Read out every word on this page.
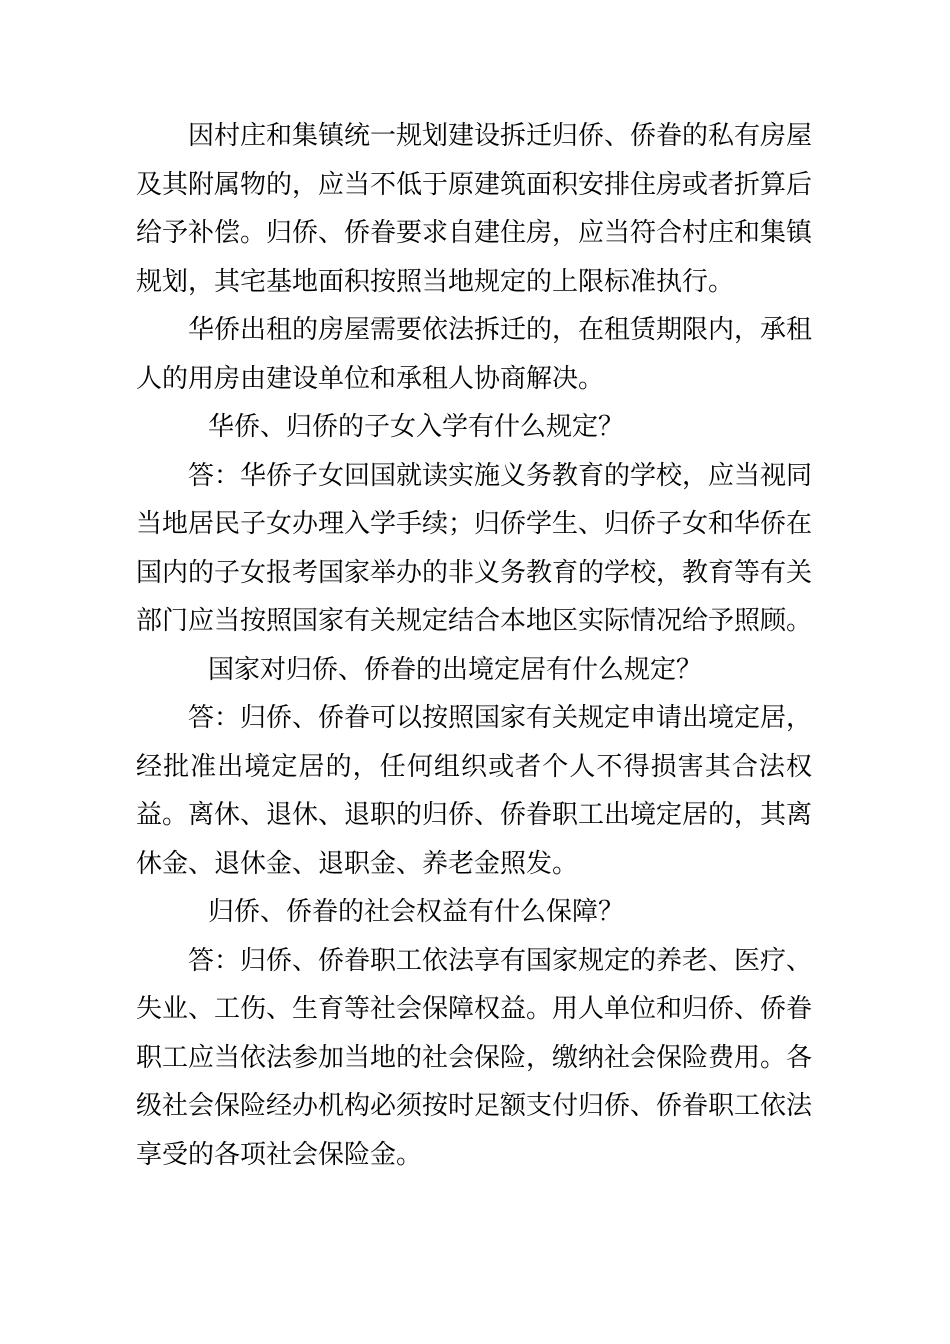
因村庄和集镇统一规划建设拆迁归侨、侨眷的私有房屋及其附属物的，应当不低于原建筑面积安排住房或者折算后给予补偿。归侨、侨眷要求自建住房，应当符合村庄和集镇规划，其宅基地面积按照当地规定的上限标准执行。

华侨出租的房屋需要依法拆迁的，在租赁期限内，承租人的用房由建设单位和承租人协商解决。

华侨、归侨的子女入学有什么规定？

答：华侨子女回国就读实施义务教育的学校，应当视同当地居民子女办理入学手续；归侨学生、归侨子女和华侨在国内的子女报考国家举办的非义务教育的学校，教育等有关部门应当按照国家有关规定结合本地区实际情况给予照顾。

国家对归侨、侨眷的出境定居有什么规定？

答：归侨、侨眷可以按照国家有关规定申请出境定居，经批准出境定居的，任何组织或者个人不得损害其合法权益。离休、退休、退职的归侨、侨眷职工出境定居的，其离休金、退休金、退职金、养老金照发。

归侨、侨眷的社会权益有什么保障？

答：归侨、侨眷职工依法享有国家规定的养老、医疗、失业、工伤、生育等社会保障权益。用人单位和归侨、侨眷职工应当依法参加当地的社会保险，缴纳社会保险费用。各级社会保险经办机构必须按时足额支付归侨、侨眷职工依法享受的各项社会保险金。
